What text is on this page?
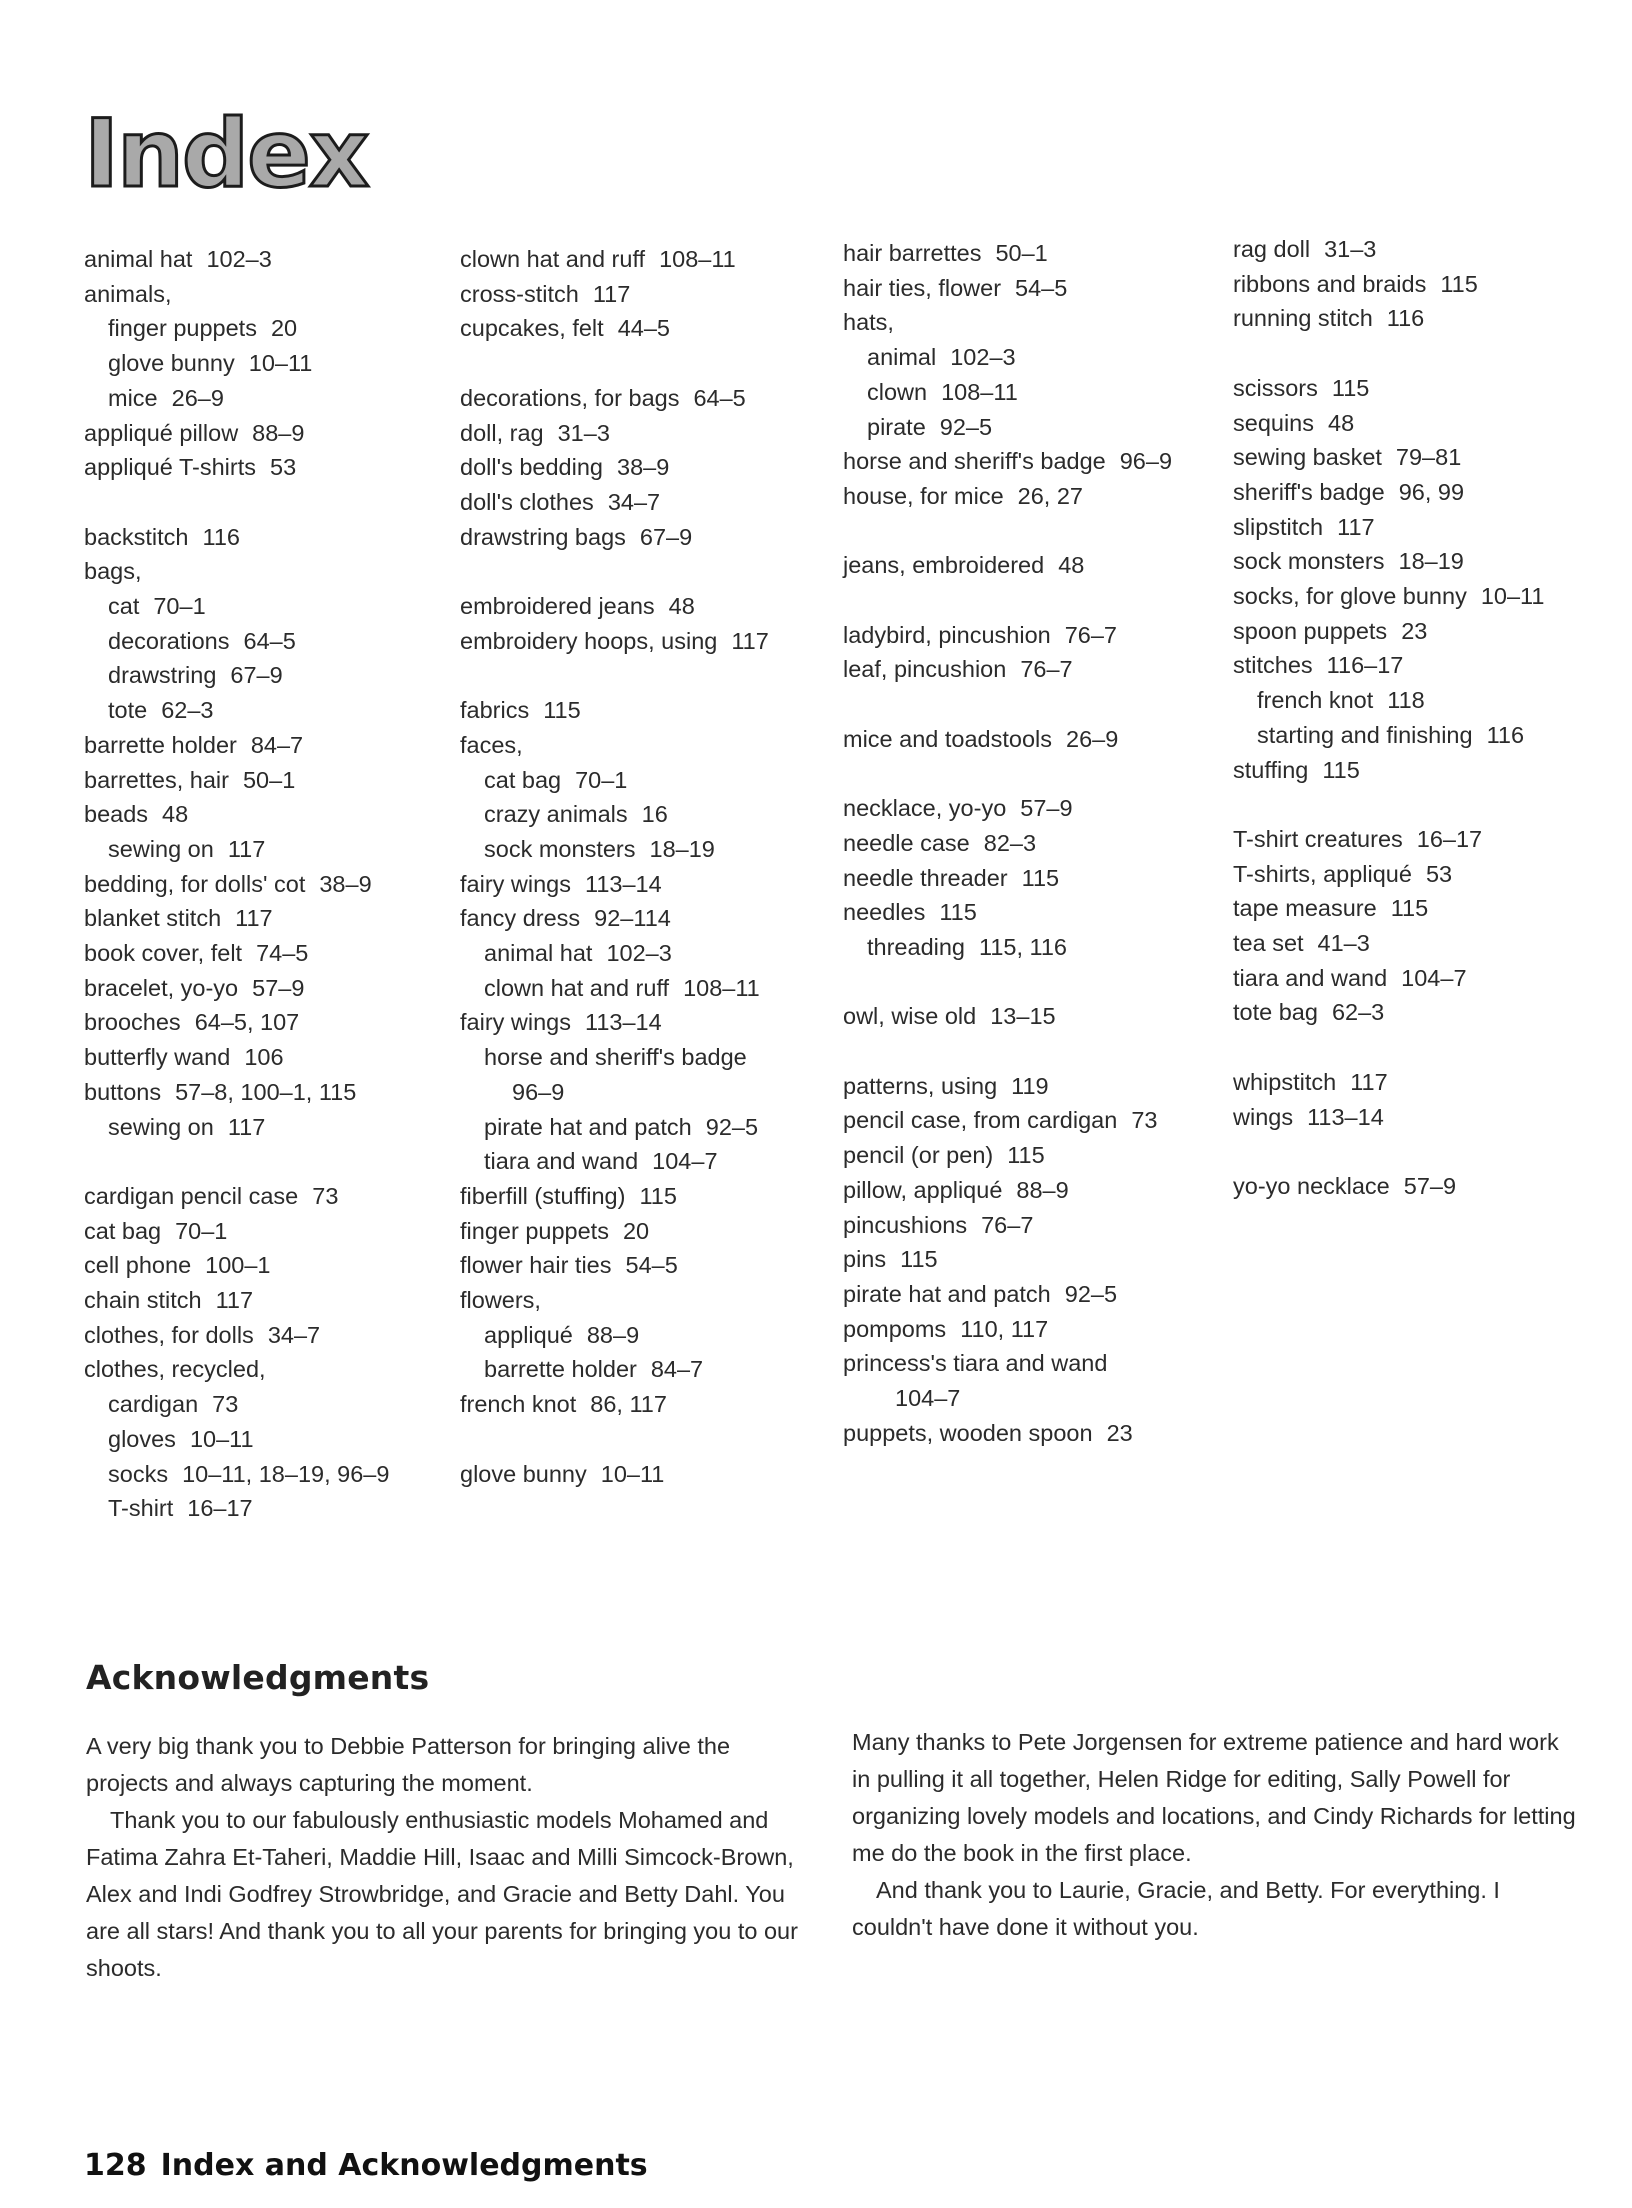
Index

animal hat 102–3

animals,

finger puppets 20

glove bunny 10–11

mice 26–9

appliqué pillow 88–9

appliqué T-shirts 53

backstitch 116

bags,

cat 70–1

decorations 64–5

drawstring 67–9

tote 62–3

barrette holder 84–7

barrettes, hair 50–1

beads 48

sewing on 117

bedding, for dolls' cot 38–9

blanket stitch 117

book cover, felt 74–5

bracelet, yo-yo 57–9

brooches 64–5, 107

butterfly wand 106

buttons 57–8, 100–1, 115

sewing on 117

cardigan pencil case 73

cat bag 70–1

cell phone 100–1

chain stitch 117

clothes, for dolls 34–7

clothes, recycled,

cardigan 73

gloves 10–11

socks 10–11, 18–19, 96–9

T-shirt 16–17

clown hat and ruff 108–11

cross-stitch 117

cupcakes, felt 44–5

decorations, for bags 64–5

doll, rag 31–3

doll's bedding 38–9

doll's clothes 34–7

drawstring bags 67–9

embroidered jeans 48

embroidery hoops, using 117

fabrics 115

faces,

cat bag 70–1

crazy animals 16

sock monsters 18–19

fairy wings 113–14

fancy dress 92–114

animal hat 102–3

clown hat and ruff 108–11

fairy wings 113–14

horse and sheriff's badge

96–9

pirate hat and patch 92–5

tiara and wand 104–7

fiberfill (stuffing) 115

finger puppets 20

flower hair ties 54–5

flowers,

appliqué 88–9

barrette holder 84–7

french knot 86, 117

glove bunny 10–11

hair barrettes 50–1

hair ties, flower 54–5

hats,

animal 102–3

clown 108–11

pirate 92–5

horse and sheriff's badge 96–9

house, for mice 26, 27

jeans, embroidered 48

ladybird, pincushion 76–7

leaf, pincushion 76–7

mice and toadstools 26–9

necklace, yo-yo 57–9

needle case 82–3

needle threader 115

needles 115

threading 115, 116

owl, wise old 13–15

patterns, using 119

pencil case, from cardigan 73

pencil (or pen) 115

pillow, appliqué 88–9

pincushions 76–7

pins 115

pirate hat and patch 92–5

pompoms 110, 117

princess's tiara and wand

104–7

puppets, wooden spoon 23

rag doll 31–3

ribbons and braids 115

running stitch 116

scissors 115

sequins 48

sewing basket 79–81

sheriff's badge 96, 99

slipstitch 117

sock monsters 18–19

socks, for glove bunny 10–11

spoon puppets 23

stitches 116–17

french knot 118

starting and finishing 116

stuffing 115

T-shirt creatures 16–17

T-shirts, appliqué 53

tape measure 115

tea set 41–3

tiara and wand 104–7

tote bag 62–3

whipstitch 117

wings 113–14

yo-yo necklace 57–9

Acknowledgments

A very big thank you to Debbie Patterson for bringing alive the projects and always capturing the moment.

Thank you to our fabulously enthusiastic models Mohamed and Fatima Zahra Et-Taheri, Maddie Hill, Isaac and Milli Simcock-Brown, Alex and Indi Godfrey Strowbridge, and Gracie and Betty Dahl. You are all stars! And thank you to all your parents for bringing you to our shoots.

Many thanks to Pete Jorgensen for extreme patience and hard work in pulling it all together, Helen Ridge for editing, Sally Powell for organizing lovely models and locations, and Cindy Richards for letting me do the book in the first place.

And thank you to Laurie, Gracie, and Betty. For everything. I couldn't have done it without you.

128 Index and Acknowledgments
